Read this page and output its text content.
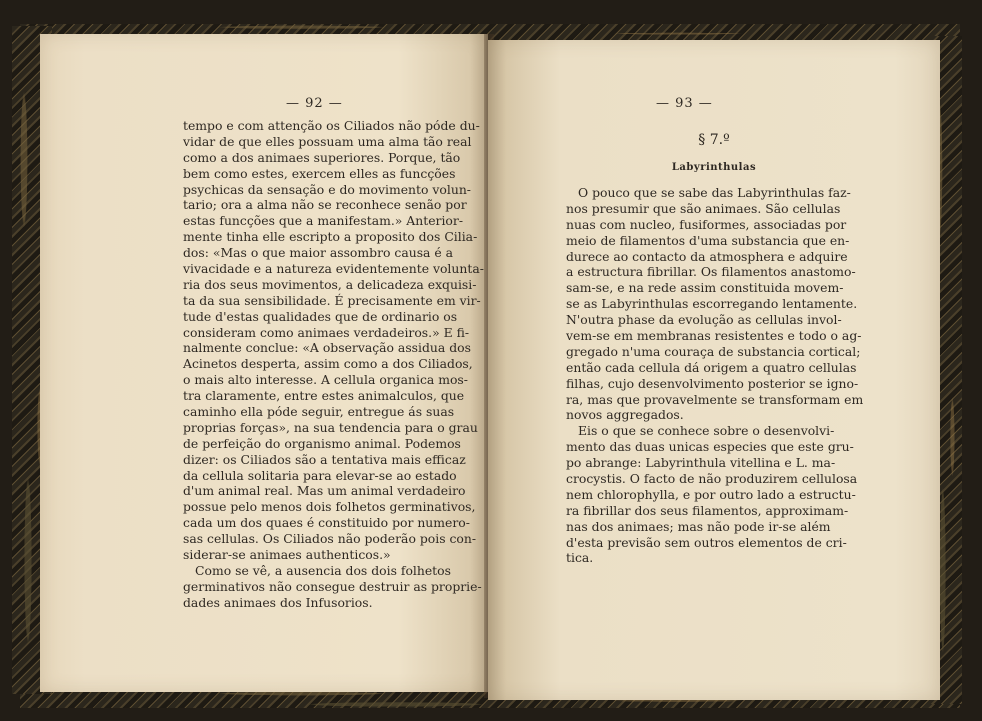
— 92 —
tempo e com attenção os Ciliados não póde du-
vidar de que elles possuam uma alma tão real
como a dos animaes superiores. Porque, tão
bem como estes, exercem elles as funcções
psychicas da sensação e do movimento volun-
tario; ora a alma não se reconhece senão por
estas funcções que a manifestam.» Anterior-
mente tinha elle escripto a proposito dos Cilia-
dos: «Mas o que maior assombro causa é a
vivacidade e a natureza evidentemente volunta-
ria dos seus movimentos, a delicadeza exquisi-
ta da sua sensibilidade. É precisamente em vir-
tude d'estas qualidades que de ordinario os
consideram como animaes verdadeiros.» E fi-
nalmente conclue: «A observação assidua dos
Acinetos desperta, assim como a dos Ciliados,
o mais alto interesse. A cellula organica mos-
tra claramente, entre estes animalculos, que
caminho ella póde seguir, entregue ás suas
proprias forças», na sua tendencia para o grau
de perfeição do organismo animal. Podemos
dizer: os Ciliados são a tentativa mais efficaz
da cellula solitaria para elevar-se ao estado
d'um animal real. Mas um animal verdadeiro
possue pelo menos dois folhetos germinativos,
cada um dos quaes é constituido por numero-
sas cellulas. Os Ciliados não poderão pois con-
siderar-se animaes authenticos.»
Como se vê, a ausencia dos dois folhetos
germinativos não consegue destruir as proprie-
dades animaes dos Infusorios.
— 93 —
§ 7.º
Labyrinthulas
O pouco que se sabe das Labyrinthulas faz-
nos presumir que são animaes. São cellulas
nuas com nucleo, fusiformes, associadas por
meio de filamentos d'uma substancia que en-
durece ao contacto da atmosphera e adquire
a estructura fibrillar. Os filamentos anastomo-
sam-se, e na rede assim constituida movem-
se as Labyrinthulas escorregando lentamente.
N'outra phase da evolução as cellulas invol-
vem-se em membranas resistentes e todo o ag-
gregado n'uma couraça de substancia cortical;
então cada cellula dá origem a quatro cellulas
filhas, cujo desenvolvimento posterior se igno-
ra, mas que provavelmente se transformam em
novos aggregados.
Eis o que se conhece sobre o desenvolvi-
mento das duas unicas especies que este gru-
po abrange: Labyrinthula vitellina e L. ma-
crocystis. O facto de não produzirem cellulosa
nem chlorophylla, e por outro lado a estructu-
ra fibrillar dos seus filamentos, approximam-
nas dos animaes; mas não pode ir-se além
d'esta previsão sem outros elementos de cri-
tica.
